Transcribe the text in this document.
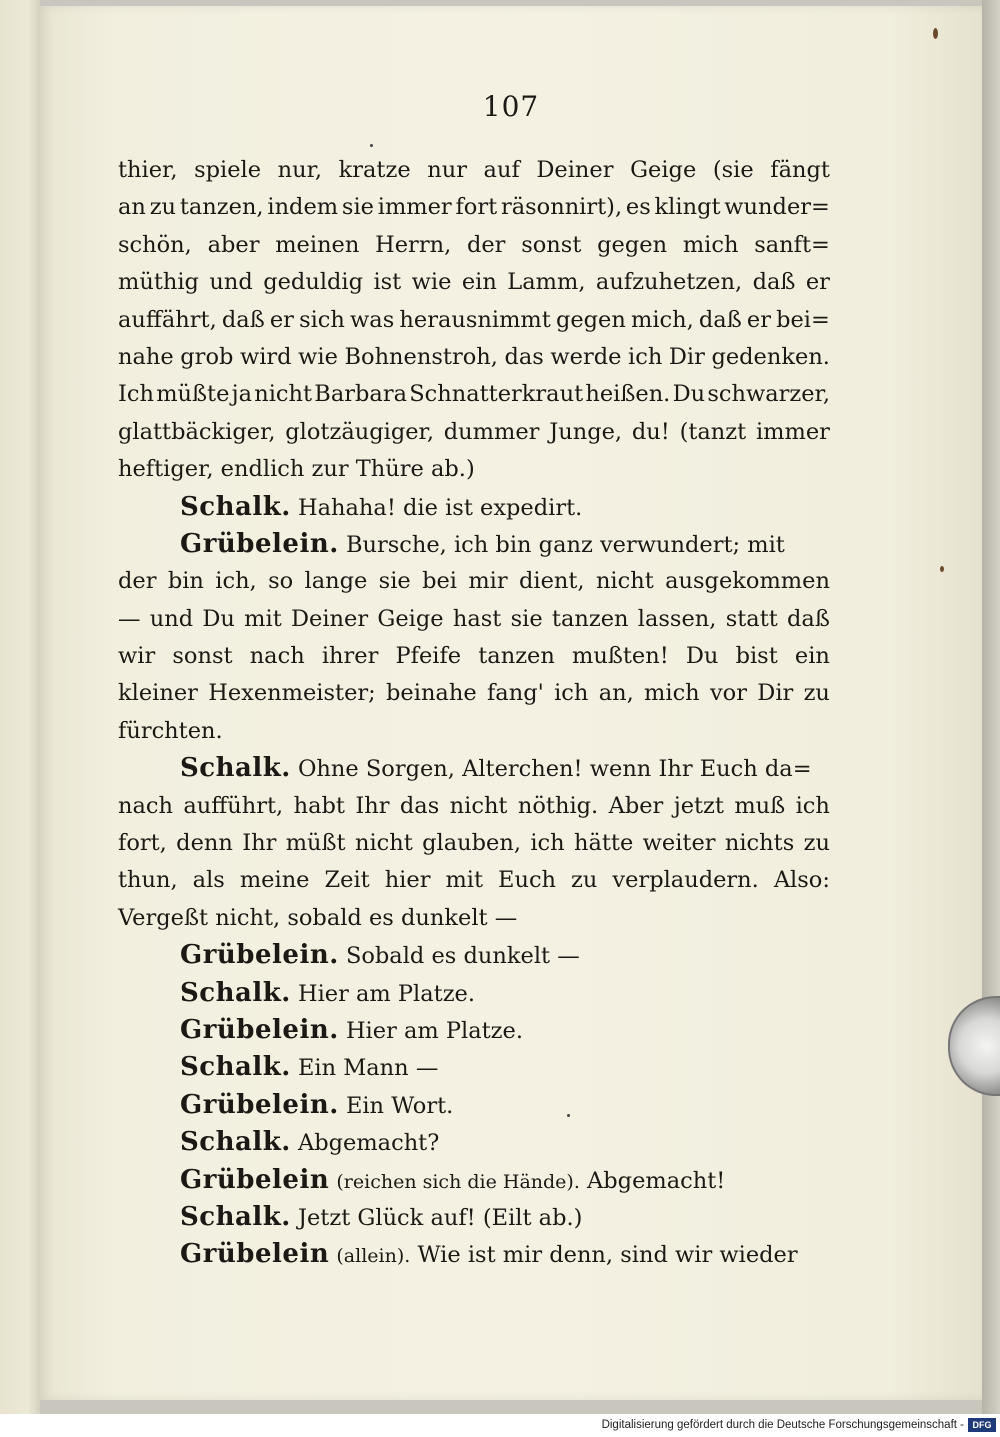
107
thier, spiele nur, kratze nur auf Deiner Geige (sie fängt
an zu tanzen, indem sie immer fort räsonnirt), es klingt wunder=
schön, aber meinen Herrn, der sonst gegen mich sanft=
müthig und geduldig ist wie ein Lamm, aufzuhetzen, daß er
auffährt, daß er sich was herausnimmt gegen mich, daß er bei=
nahe grob wird wie Bohnenstroh, das werde ich Dir gedenken.
Ich müßte ja nicht Barbara Schnatterkraut heißen. Du schwarzer,
glattbäckiger, glotzäugiger, dummer Junge, du! (tanzt immer
heftiger, endlich zur Thüre ab.)
Schalk. Hahaha! die ist expedirt.
Grübelein. Bursche, ich bin ganz verwundert; mit
der bin ich, so lange sie bei mir dient, nicht ausgekommen
— und Du mit Deiner Geige hast sie tanzen lassen, statt daß
wir sonst nach ihrer Pfeife tanzen mußten! Du bist ein
kleiner Hexenmeister; beinahe fang' ich an, mich vor Dir zu
fürchten.
Schalk. Ohne Sorgen, Alterchen! wenn Ihr Euch da=
nach aufführt, habt Ihr das nicht nöthig. Aber jetzt muß ich
fort, denn Ihr müßt nicht glauben, ich hätte weiter nichts zu
thun, als meine Zeit hier mit Euch zu verplaudern. Also:
Vergeßt nicht, sobald es dunkelt —
Grübelein. Sobald es dunkelt —
Schalk. Hier am Platze.
Grübelein. Hier am Platze.
Schalk. Ein Mann —
Grübelein. Ein Wort.
Schalk. Abgemacht?
Grübelein (reichen sich die Hände). Abgemacht!
Schalk. Jetzt Glück auf! (Eilt ab.)
Grübelein (allein). Wie ist mir denn, sind wir wieder
Digitalisierung gefördert durch die Deutsche Forschungsgemeinschaft - DFG
